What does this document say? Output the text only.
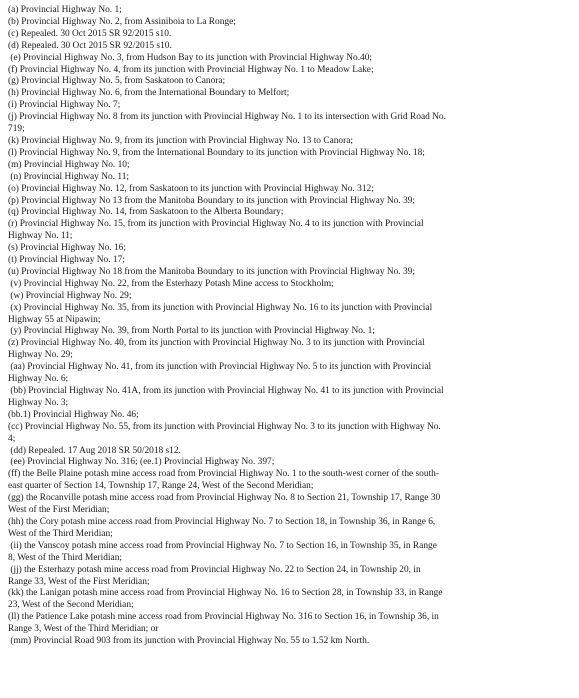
(a) Provincial Highway No. 1;

(b) Provincial Highway No. 2, from Assiniboia to La Ronge;

(c) Repealed. 30 Oct 2015 SR 92/2015 s10.

(d) Repealed. 30 Oct 2015 SR 92/2015 s10.

(e) Provincial Highway No. 3, from Hudson Bay to its junction with Provincial Highway No.40;

(f) Provincial Highway No. 4, from its junction with Provincial Highway No. 1 to Meadow Lake;

(g) Provincial Highway No. 5, from Saskatoon to Canora;

(h) Provincial Highway No. 6, from the International Boundary to Melfort;

(i) Provincial Highway No. 7;

(j) Provincial Highway No. 8 from its junction with Provincial Highway No. 1 to its intersection with Grid Road No.

719;

(k) Provincial Highway No. 9, from its junction with Provincial Highway No. 13 to Canora;

(l) Provincial Highway No. 9, from the International Boundary to its junction with Provincial Highway No. 18;

(m) Provincial Highway No. 10;

(n) Provincial Highway No. 11;

(o) Provincial Highway No. 12, from Saskatoon to its junction with Provincial Highway No. 312;

(p) Provincial Highway No 13 from the Manitoba Boundary to its junction with Provincial Highway No. 39;

(q) Provincial Highway No. 14, from Saskatoon to the Alberta Boundary;

(r) Provincial Highway No. 15, from its junction with Provincial Highway No. 4 to its junction with Provincial

Highway No. 11;

(s) Provincial Highway No. 16;

(t) Provincial Highway No. 17;

(u) Provincial Highway No 18 from the Manitoba Boundary to its junction with Provincial Highway No. 39;

(v) Provincial Highway No. 22, from the Esterhazy Potash Mine access to Stockholm;

(w) Provincial Highway No. 29;

(x) Provincial Highway No. 35, from its junction with Provincial Highway No. 16 to its junction with Provincial

Highway 55 at Nipawin;

(y) Provincial Highway No. 39, from North Portal to its junction with Provincial Highway No. 1;

(z) Provincial Highway No. 40, from its junction with Provincial Highway No. 3 to its junction with Provincial

Highway No. 29;

(aa) Provincial Highway No. 41, from its junction with Provincial Highway No. 5 to its junction with Provincial

Highway No. 6;

(bb) Provincial Highway No. 41A, from its junction with Provincial Highway No. 41 to its junction with Provincial

Highway No. 3;

(bb.1) Provincial Highway No. 46;

(cc) Provincial Highway No. 55, from its junction with Provincial Highway No. 3 to its junction with Highway No.

4;

(dd) Repealed. 17 Aug 2018 SR 50/2018 s12.

(ee) Provincial Highway No. 316; (ee.1) Provincial Highway No. 397;

(ff) the Belle Plaine potash mine access road from Provincial Highway No. 1 to the south-west corner of the south-

east quarter of Section 14, Township 17, Range 24, West of the Second Meridian;

(gg) the Rocanville potash mine access road from Provincial Highway No. 8 to Section 21, Township 17, Range 30

West of the First Meridian;

(hh) the Cory potash mine access road from Provincial Highway No. 7 to Section 18, in Township 36, in Range 6,

West of the Third Meridian;

(ii) the Vanscoy potash mine access road from Provincial Highway No. 7 to Section 16, in Township 35, in Range

8, West of the Third Meridian;

(jj) the Esterhazy potash mine access road from Provincial Highway No. 22 to Section 24, in Township 20, in

Range 33, West of the First Meridian;

(kk) the Lanigan potash mine access road from Provincial Highway No. 16 to Section 28, in Township 33, in Range

23, West of the Second Meridian;

(ll) the Patience Lake potash mine access road from Provincial Highway No. 316 to Section 16, in Township 36, in

Range 3, West of the Third Meridian; or

(mm) Provincial Road 903 from its junction with Provincial Highway No. 55 to 1.52 km North.
